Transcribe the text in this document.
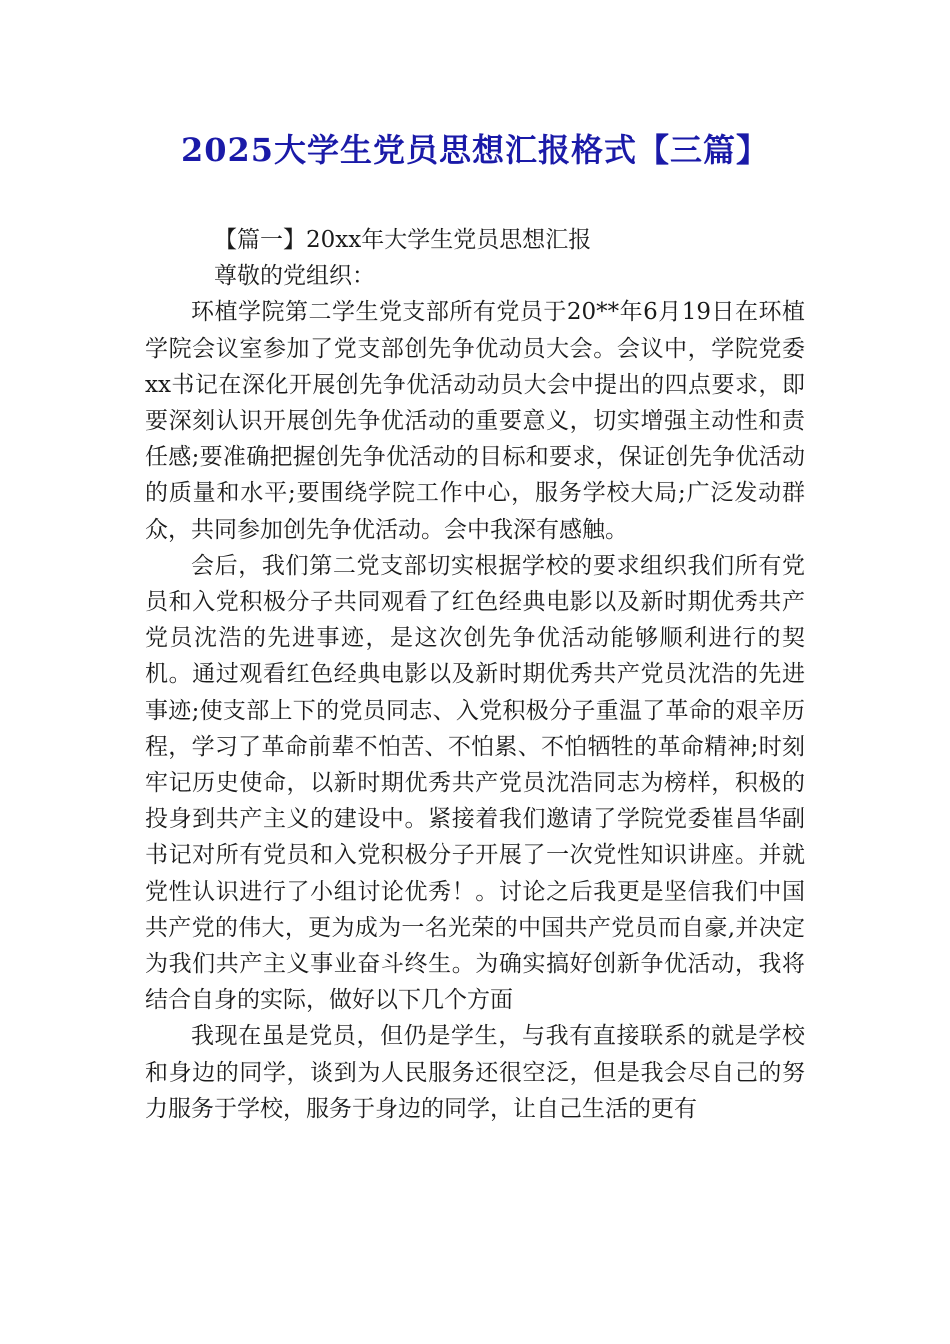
2025大学生党员思想汇报格式【三篇】

【篇一】20xx年大学生党员思想汇报

尊敬的党组织：

环植学院第二学生党支部所有党员于20**年6月19日在环植学院会议室参加了党支部创先争优动员大会。会议中，学院党委xx书记在深化开展创先争优活动动员大会中提出的四点要求，即要深刻认识开展创先争优活动的重要意义，切实增强主动性和责任感;要准确把握创先争优活动的目标和要求，保证创先争优活动的质量和水平;要围绕学院工作中心，服务学校大局;广泛发动群众，共同参加创先争优活动。会中我深有感触。

会后，我们第二党支部切实根据学校的要求组织我们所有党员和入党积极分子共同观看了红色经典电影以及新时期优秀共产党员沈浩的先进事迹，是这次创先争优活动能够顺利进行的契机。通过观看红色经典电影以及新时期优秀共产党员沈浩的先进事迹;使支部上下的党员同志、入党积极分子重温了革命的艰辛历程，学习了革命前辈不怕苦、不怕累、不怕牺牲的革命精神;时刻牢记历史使命，以新时期优秀共产党员沈浩同志为榜样，积极的投身到共产主义的建设中。紧接着我们邀请了学院党委崔昌华副书记对所有党员和入党积极分子开展了一次党性知识讲座。并就党性认识进行了小组讨论优秀！。讨论之后我更是坚信我们中国共产党的伟大，更为成为一名光荣的中国共产党员而自豪,并决定为我们共产主义事业奋斗终生。为确实搞好创新争优活动，我将结合自身的实际，做好以下几个方面

我现在虽是党员，但仍是学生，与我有直接联系的就是学校和身边的同学，谈到为人民服务还很空泛，但是我会尽自己的努力服务于学校，服务于身边的同学，让自己生活的更有
